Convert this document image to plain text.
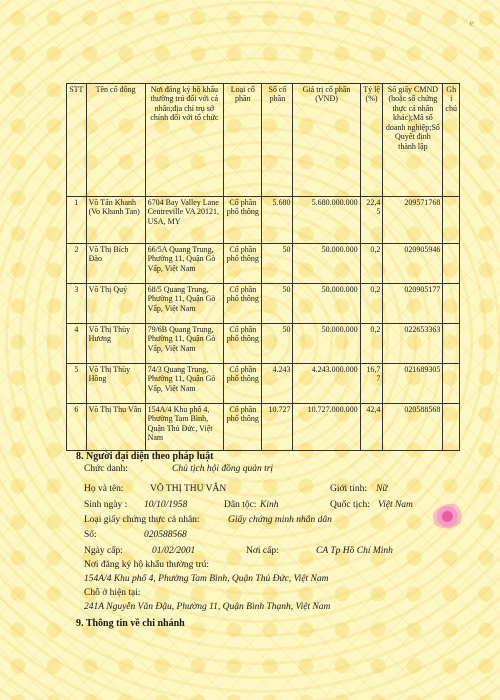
e
STT	Tên cổ đông	Nơi đăng ký hộ khẩu thường trú đối với cá nhân;địa chỉ trụ sở chính đối với tổ chức	Loại cổ phần	Số cổ phần	Giá trị cổ phần (VNĐ)	Tỷ lệ (%)	Số giấy CMND (hoặc số chứng thực cá nhân khác);Mã số doanh nghiệp;Số Quyết định thành lập	Ghi chú
1	Võ Tấn Khanh (Vo Khanh Tan)	6704 Bay Valley Lane Centreville VA 20121, USA, MY	Cổ phần phổ thông	5.680	5.680.000.000	22,45	209571768	
2	Võ Thị Bích Đào	66/5A Quang Trung, Phường 11, Quận Gò Vấp, Việt Nam	Cổ phần phổ thông	50	50.000.000	0,2	020905946	
3	Võ Thị Quý	68/5 Quang Trung, Phường 11, Quận Gò Vấp, Việt Nam	Cổ phần phổ thông	50	50.000.000	0,2	020905177	
4	Võ Thị Thùy Hương	79/6B Quang Trung, Phường 11, Quận Gò Vấp, Việt Nam	Cổ phần phổ thông	50	50.000.000	0,2	022653363	
5	Võ Thị Thùy Hồng	74/3 Quang Trung, Phường 11, Quận Gò Vấp, Việt Nam	Cổ phần phổ thông	4.243	4.243.000.000	16,77	021689305	
6	Võ Thị Thu Vân	154A/4 Khu phố 4, Phường Tam Bình, Quận Thủ Đức, Việt Nam	Cổ phần phổ thông	10.727	10.727.000.000	42,4	020588568	
8. Người đại diện theo pháp luật
Chức danh:	Chủ tịch hội đồng quản trị
Họ và tên:	VÕ THỊ THU VÂN	Giới tính: Nữ
Sinh ngày : 10/10/1958	Dân tộc: Kinh	Quốc tịch: Việt Nam
Loại giấy chứng thực cá nhân:	Giấy chứng minh nhân dân
Số:	020588568
Ngày cấp:	01/02/2001	Nơi cấp:	CA Tp Hồ Chí Minh
Nơi đăng ký hộ khẩu thường trú:
154A/4 Khu phố 4, Phường Tam Bình, Quận Thủ Đức, Việt Nam
Chỗ ở hiện tại:
241A Nguyễn Văn Đậu, Phường 11, Quận Bình Thạnh, Việt Nam
9. Thông tin về chi nhánh
